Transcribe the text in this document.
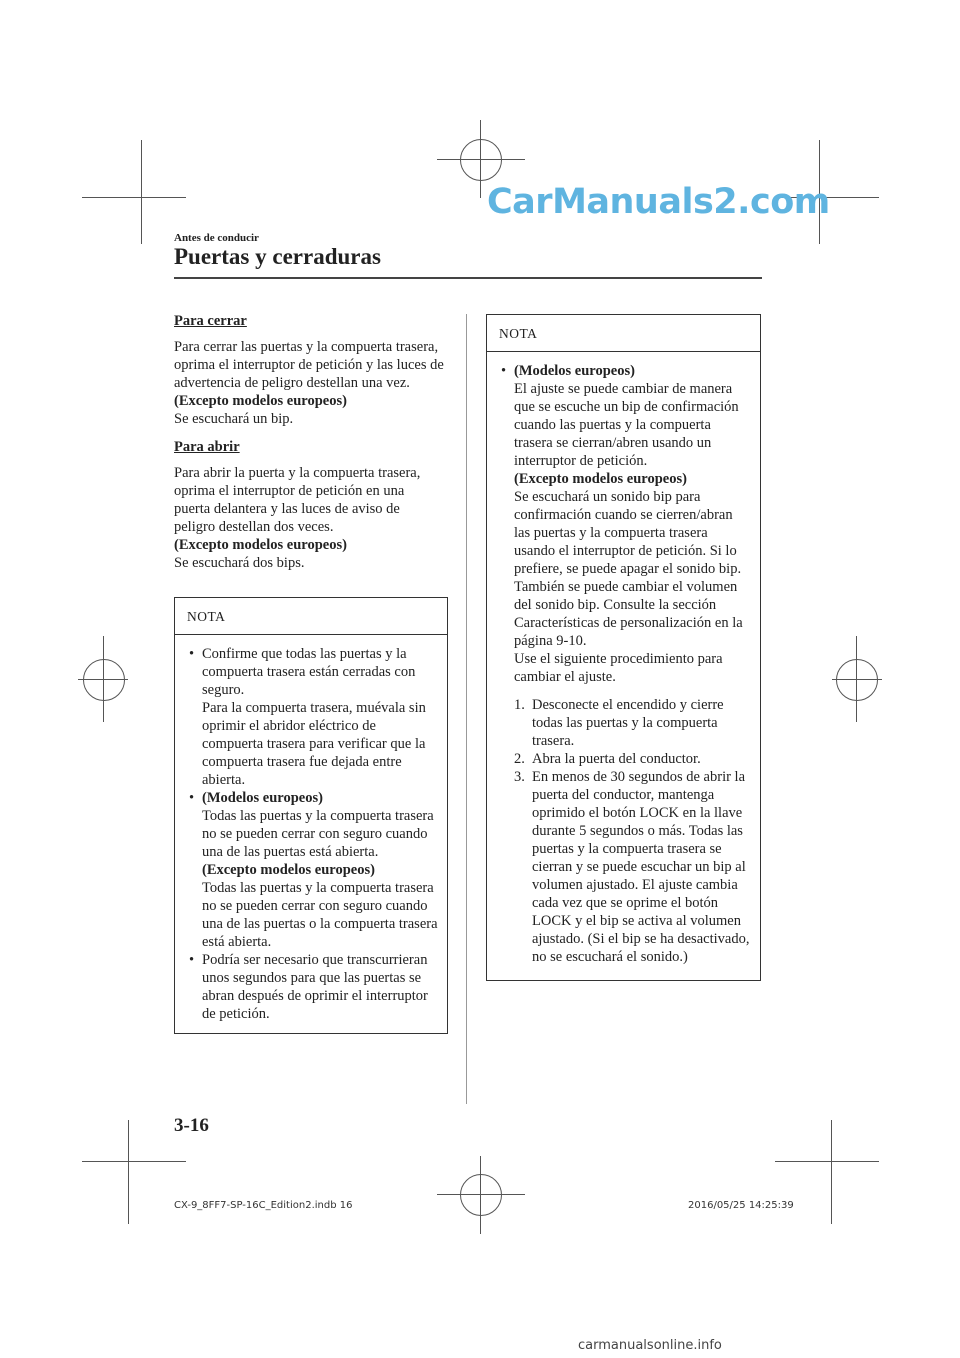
CarManuals2.com
Antes de conducir
Puertas y cerraduras

Para cerrar

Para cerrar las puertas y la compuerta trasera, oprima el interruptor de petición y las luces de advertencia de peligro destellan una vez.

(Excepto modelos europeos)

Se escuchará un bip.

Para abrir

Para abrir la puerta y la compuerta trasera, oprima el interruptor de petición en una puerta delantera y las luces de aviso de peligro destellan dos veces.

(Excepto modelos europeos)

Se escuchará dos bips.

NOTA
• Confirme que todas las puertas y la compuerta trasera están cerradas con seguro.

Para la compuerta trasera, muévala sin oprimir el abridor eléctrico de compuerta trasera para verificar que la compuerta trasera fue dejada entre abierta.

• (Modelos europeos)

Todas las puertas y la compuerta trasera no se pueden cerrar con seguro cuando una de las puertas está abierta.

(Excepto modelos europeos)

Todas las puertas y la compuerta trasera no se pueden cerrar con seguro cuando una de las puertas o la compuerta trasera está abierta.

• Podría ser necesario que transcurrieran unos segundos para que las puertas se abran después de oprimir el interruptor de petición.

NOTA
• (Modelos europeos)

El ajuste se puede cambiar de manera que se escuche un bip de confirmación cuando las puertas y la compuerta trasera se cierran/abren usando un interruptor de petición.

(Excepto modelos europeos)

Se escuchará un sonido bip para confirmación cuando se cierren/abran las puertas y la compuerta trasera usando el interruptor de petición. Si lo prefiere, se puede apagar el sonido bip.

También se puede cambiar el volumen del sonido bip. Consulte la sección Características de personalización en la página 9-10.

Use el siguiente procedimiento para cambiar el ajuste.

1. Desconecte el encendido y cierre todas las puertas y la compuerta trasera.

2. Abra la puerta del conductor.

3. En menos de 30 segundos de abrir la puerta del conductor, mantenga oprimido el botón LOCK en la llave durante 5 segundos o más. Todas las puertas y la compuerta trasera se cierran y se puede escuchar un bip al volumen ajustado. El ajuste cambia cada vez que se oprime el botón LOCK y el bip se activa al volumen ajustado. (Si el bip se ha desactivado, no se escuchará el sonido.)

3-16
CX-9_8FF7-SP-16C_Edition2.indb 16	2016/05/25 14:25:39
carmanualsonline.info
